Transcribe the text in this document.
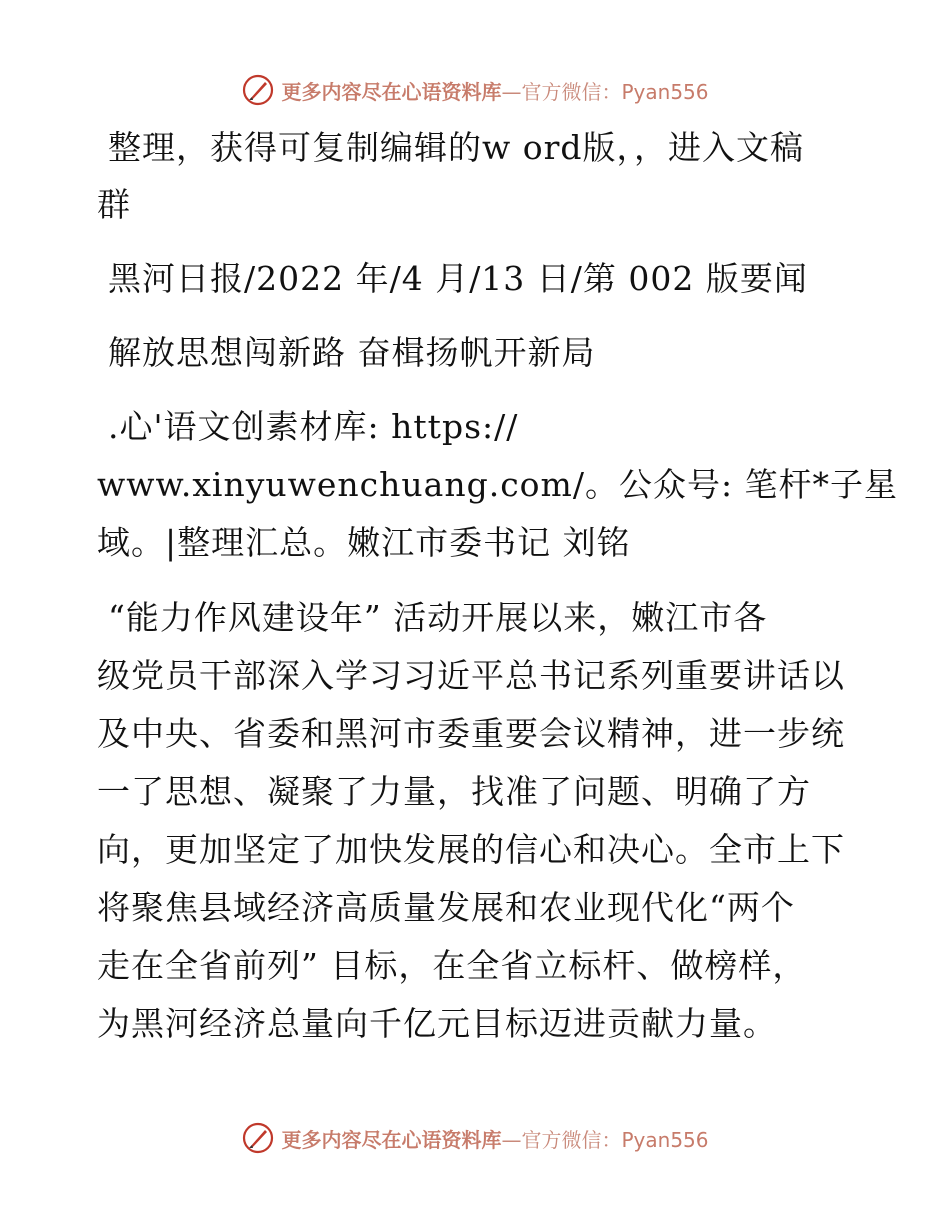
更多内容尽在心语资料库—官方微信：Pyan556
整理，获得可复制编辑的w ord版，，进入文稿
群
黑河日报/2022 年/4 月/13 日/第 002 版要闻
解放思想闯新路 奋楫扬帆开新局
.心'语文创素材库: https://
www.xinyuwenchuang.com/。公众号: 笔杆*子星
域。|整理汇总。嫩江市委书记 刘铭
“能力作风建设年” 活动开展以来，嫩江市各
级党员干部深入学习习近平总书记系列重要讲话以
及中央、省委和黑河市委重要会议精神，进一步统
一了思想、凝聚了力量，找准了问题、明确了方
向，更加坚定了加快发展的信心和决心。全市上下
将聚焦县域经济高质量发展和农业现代化“两个
走在全省前列” 目标，在全省立标杆、做榜样，
为黑河经济总量向千亿元目标迈进贡献力量。
更多内容尽在心语资料库—官方微信：Pyan556
